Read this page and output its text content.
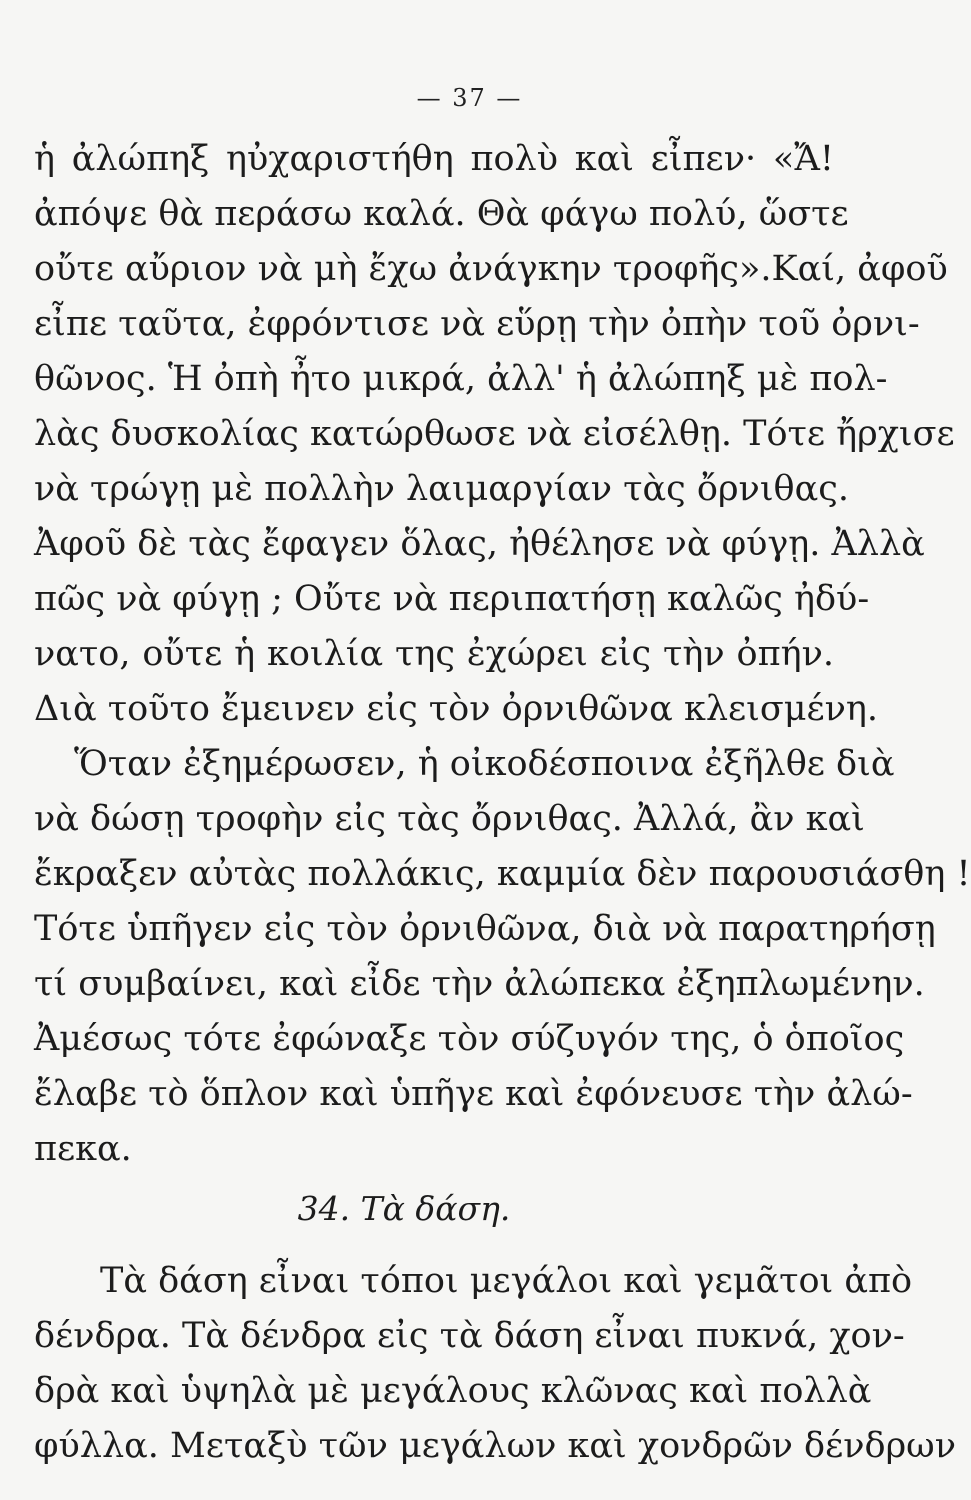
— 37 —
ἡ ἀλώπηξ ηὐχαριστήθη πολὺ καὶ εἶπεν· «Ἄ!
ἀπόψε θὰ περάσω καλά. Θὰ φάγω πολύ, ὥστε
οὔτε αὔριον νὰ μὴ ἔχω ἀνάγκην τροφῆς».Καί, ἀφοῦ
εἶπε ταῦτα, ἐφρόντισε νὰ εὕρῃ τὴν ὀπὴν τοῦ ὀρνι-
θῶνος. Ἡ ὀπὴ ἦτο μικρά, ἀλλ' ἡ ἀλώπηξ μὲ πολ-
λὰς δυσκολίας κατώρθωσε νὰ εἰσέλθῃ. Τότε ἤρχισε
νὰ τρώγῃ μὲ πολλὴν λαιμαργίαν τὰς ὄρνιθας.
Ἀφοῦ δὲ τὰς ἔφαγεν ὅλας, ἠθέλησε νὰ φύγῃ. Ἀλλὰ
πῶς νὰ φύγῃ ; Οὔτε νὰ περιπατήσῃ καλῶς ἠδύ-
νατο, οὔτε ἡ κοιλία της ἐχώρει εἰς τὴν ὀπήν.
Διὰ τοῦτο ἔμεινεν εἰς τὸν ὀρνιθῶνα κλεισμένη.
Ὅταν ἐξημέρωσεν, ἡ οἰκοδέσποινα ἐξῆλθε διὰ
νὰ δώσῃ τροφὴν εἰς τὰς ὄρνιθας. Ἀλλά, ἂν καὶ
ἔκραξεν αὐτὰς πολλάκις, καμμία δὲν παρουσιάσθη !
Τότε ὑπῆγεν εἰς τὸν ὀρνιθῶνα, διὰ νὰ παρατηρήσῃ
τί συμβαίνει, καὶ εἶδε τὴν ἀλώπεκα ἐξηπλωμένην.
Ἀμέσως τότε ἐφώναξε τὸν σύζυγόν της, ὁ ὁποῖος
ἔλαβε τὸ ὅπλον καὶ ὑπῆγε καὶ ἐφόνευσε τὴν ἀλώ-
πεκα.
34. Τὰ δάση.
Τὰ δάση εἶναι τόποι μεγάλοι καὶ γεμᾶτοι ἀπὸ
δένδρα. Τὰ δένδρα εἰς τὰ δάση εἶναι πυκνά, χον-
δρὰ καὶ ὑψηλὰ μὲ μεγάλους κλῶνας καὶ πολλὰ
φύλλα. Μεταξὺ τῶν μεγάλων καὶ χονδρῶν δένδρων
